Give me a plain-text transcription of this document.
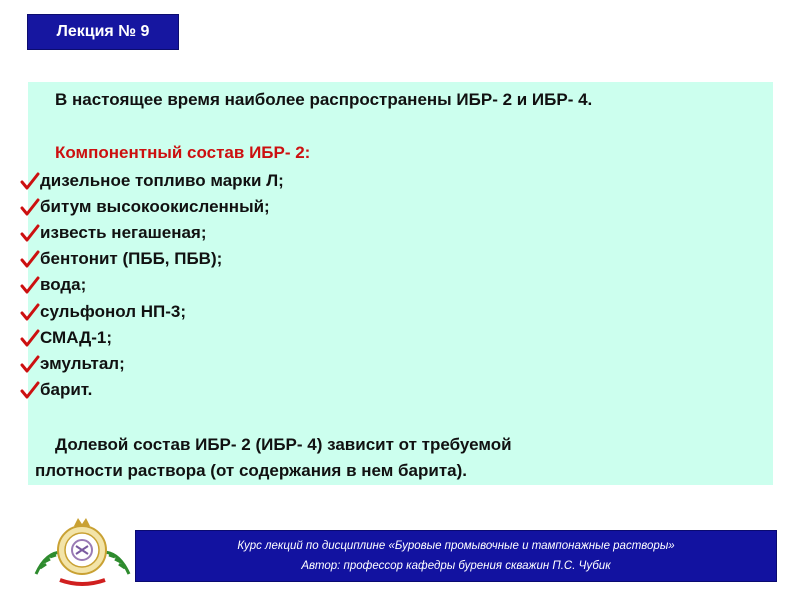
Лекция № 9
В настоящее время наиболее распространены ИБР- 2 и ИБР- 4.
Компонентный состав ИБР- 2:
дизельное топливо марки Л;
битум высокоокисленный;
известь негашеная;
бентонит (ПББ, ПБВ);
вода;
сульфонол НП-3;
СМАД-1;
эмультал;
барит.
Долевой состав ИБР- 2 (ИБР- 4) зависит от требуемой
плотности раствора (от содержания в нем барита).
Курс лекций по дисциплине «Буровые промывочные и тампонажные растворы»
Автор: профессор кафедры бурения скважин П.С. Чубик
